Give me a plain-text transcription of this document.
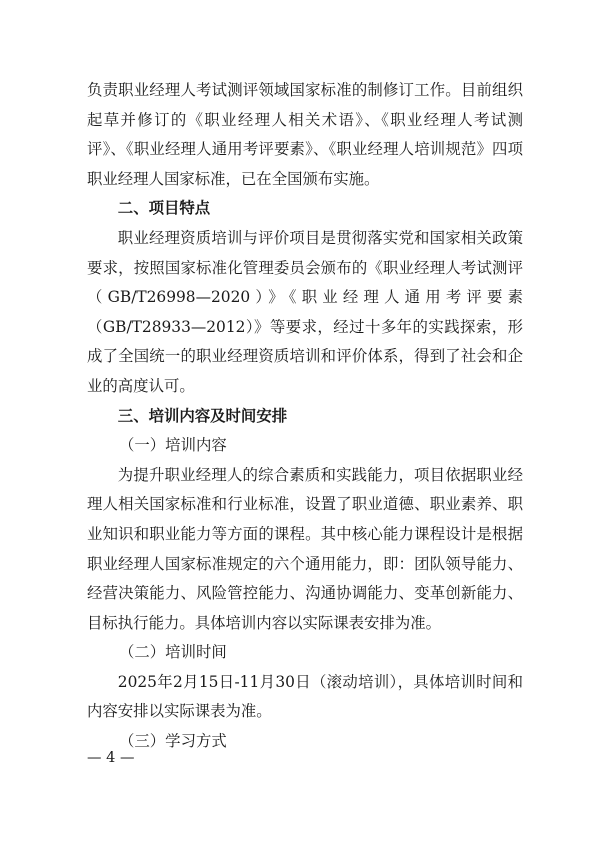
负责职业经理人考试测评领域国家标准的制修订工作。目前组织起草并修订的《职业经理人相关术语》、《职业经理人考试测评》、《职业经理人通用考评要素》、《职业经理人培训规范》四项职业经理人国家标准，已在全国颁布实施。

二、项目特点

职业经理资质培训与评价项目是贯彻落实党和国家相关政策要求，按照国家标准化管理委员会颁布的《职业经理人考试测评（GB/T26998—2020）》《职业经理人通用考评要素（GB/T28933—2012）》等要求，经过十多年的实践探索，形成了全国统一的职业经理资质培训和评价体系，得到了社会和企业的高度认可。

三、培训内容及时间安排

（一）培训内容

为提升职业经理人的综合素质和实践能力，项目依据职业经理人相关国家标准和行业标准，设置了职业道德、职业素养、职业知识和职业能力等方面的课程。其中核心能力课程设计是根据职业经理人国家标准规定的六个通用能力，即：团队领导能力、经营决策能力、风险管控能力、沟通协调能力、变革创新能力、目标执行能力。具体培训内容以实际课表安排为准。

（二）培训时间

2025年2月15日-11月30日（滚动培训），具体培训时间和内容安排以实际课表为准。

（三）学习方式

— 4 —
